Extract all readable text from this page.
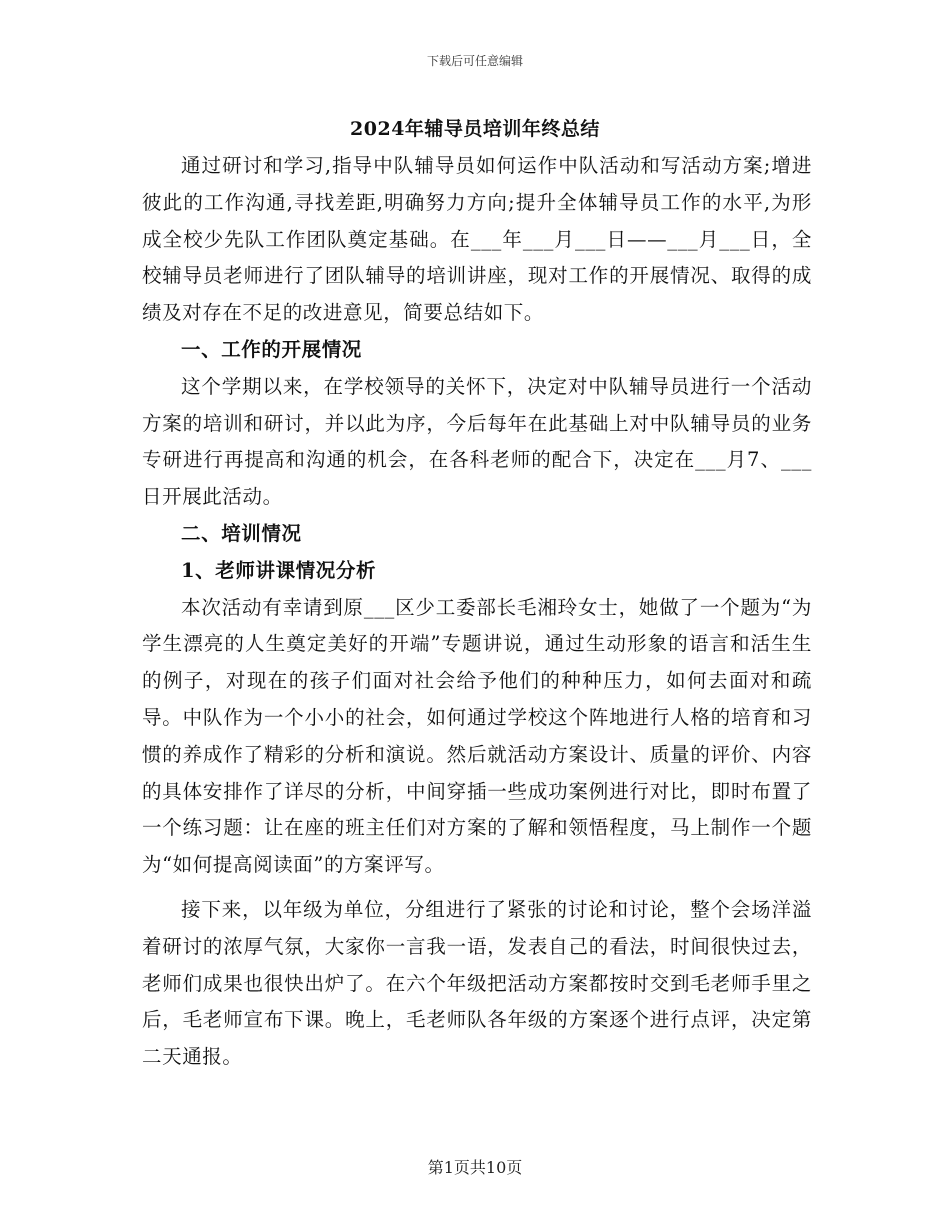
下载后可任意编辑
2024年辅导员培训年终总结

通过研讨和学习,指导中队辅导员如何运作中队活动和写活动方案;增进彼此的工作沟通,寻找差距,明确努力方向;提升全体辅导员工作的水平,为形成全校少先队工作团队奠定基础。在___年___月___日——___月___日，全校辅导员老师进行了团队辅导的培训讲座，现对工作的开展情况、取得的成绩及对存在不足的改进意见，简要总结如下。

一、工作的开展情况

这个学期以来，在学校领导的关怀下，决定对中队辅导员进行一个活动方案的培训和研讨，并以此为序，今后每年在此基础上对中队辅导员的业务专研进行再提高和沟通的机会，在各科老师的配合下，决定在___月7、___日开展此活动。

二、培训情况
1、老师讲课情况分析

本次活动有幸请到原___区少工委部长毛湘玲女士，她做了一个题为“为学生漂亮的人生奠定美好的开端”专题讲说，通过生动形象的语言和活生生的例子，对现在的孩子们面对社会给予他们的种种压力，如何去面对和疏导。中队作为一个小小的社会，如何通过学校这个阵地进行人格的培育和习惯的养成作了精彩的分析和演说。然后就活动方案设计、质量的评价、内容的具体安排作了详尽的分析，中间穿插一些成功案例进行对比，即时布置了一个练习题：让在座的班主任们对方案的了解和领悟程度，马上制作一个题为“如何提高阅读面”的方案评写。

接下来，以年级为单位，分组进行了紧张的讨论和讨论，整个会场洋溢着研讨的浓厚气氛，大家你一言我一语，发表自己的看法，时间很快过去，老师们成果也很快出炉了。在六个年级把活动方案都按时交到毛老师手里之后，毛老师宣布下课。晚上，毛老师队各年级的方案逐个进行点评，决定第二天通报。

第1页共10页
